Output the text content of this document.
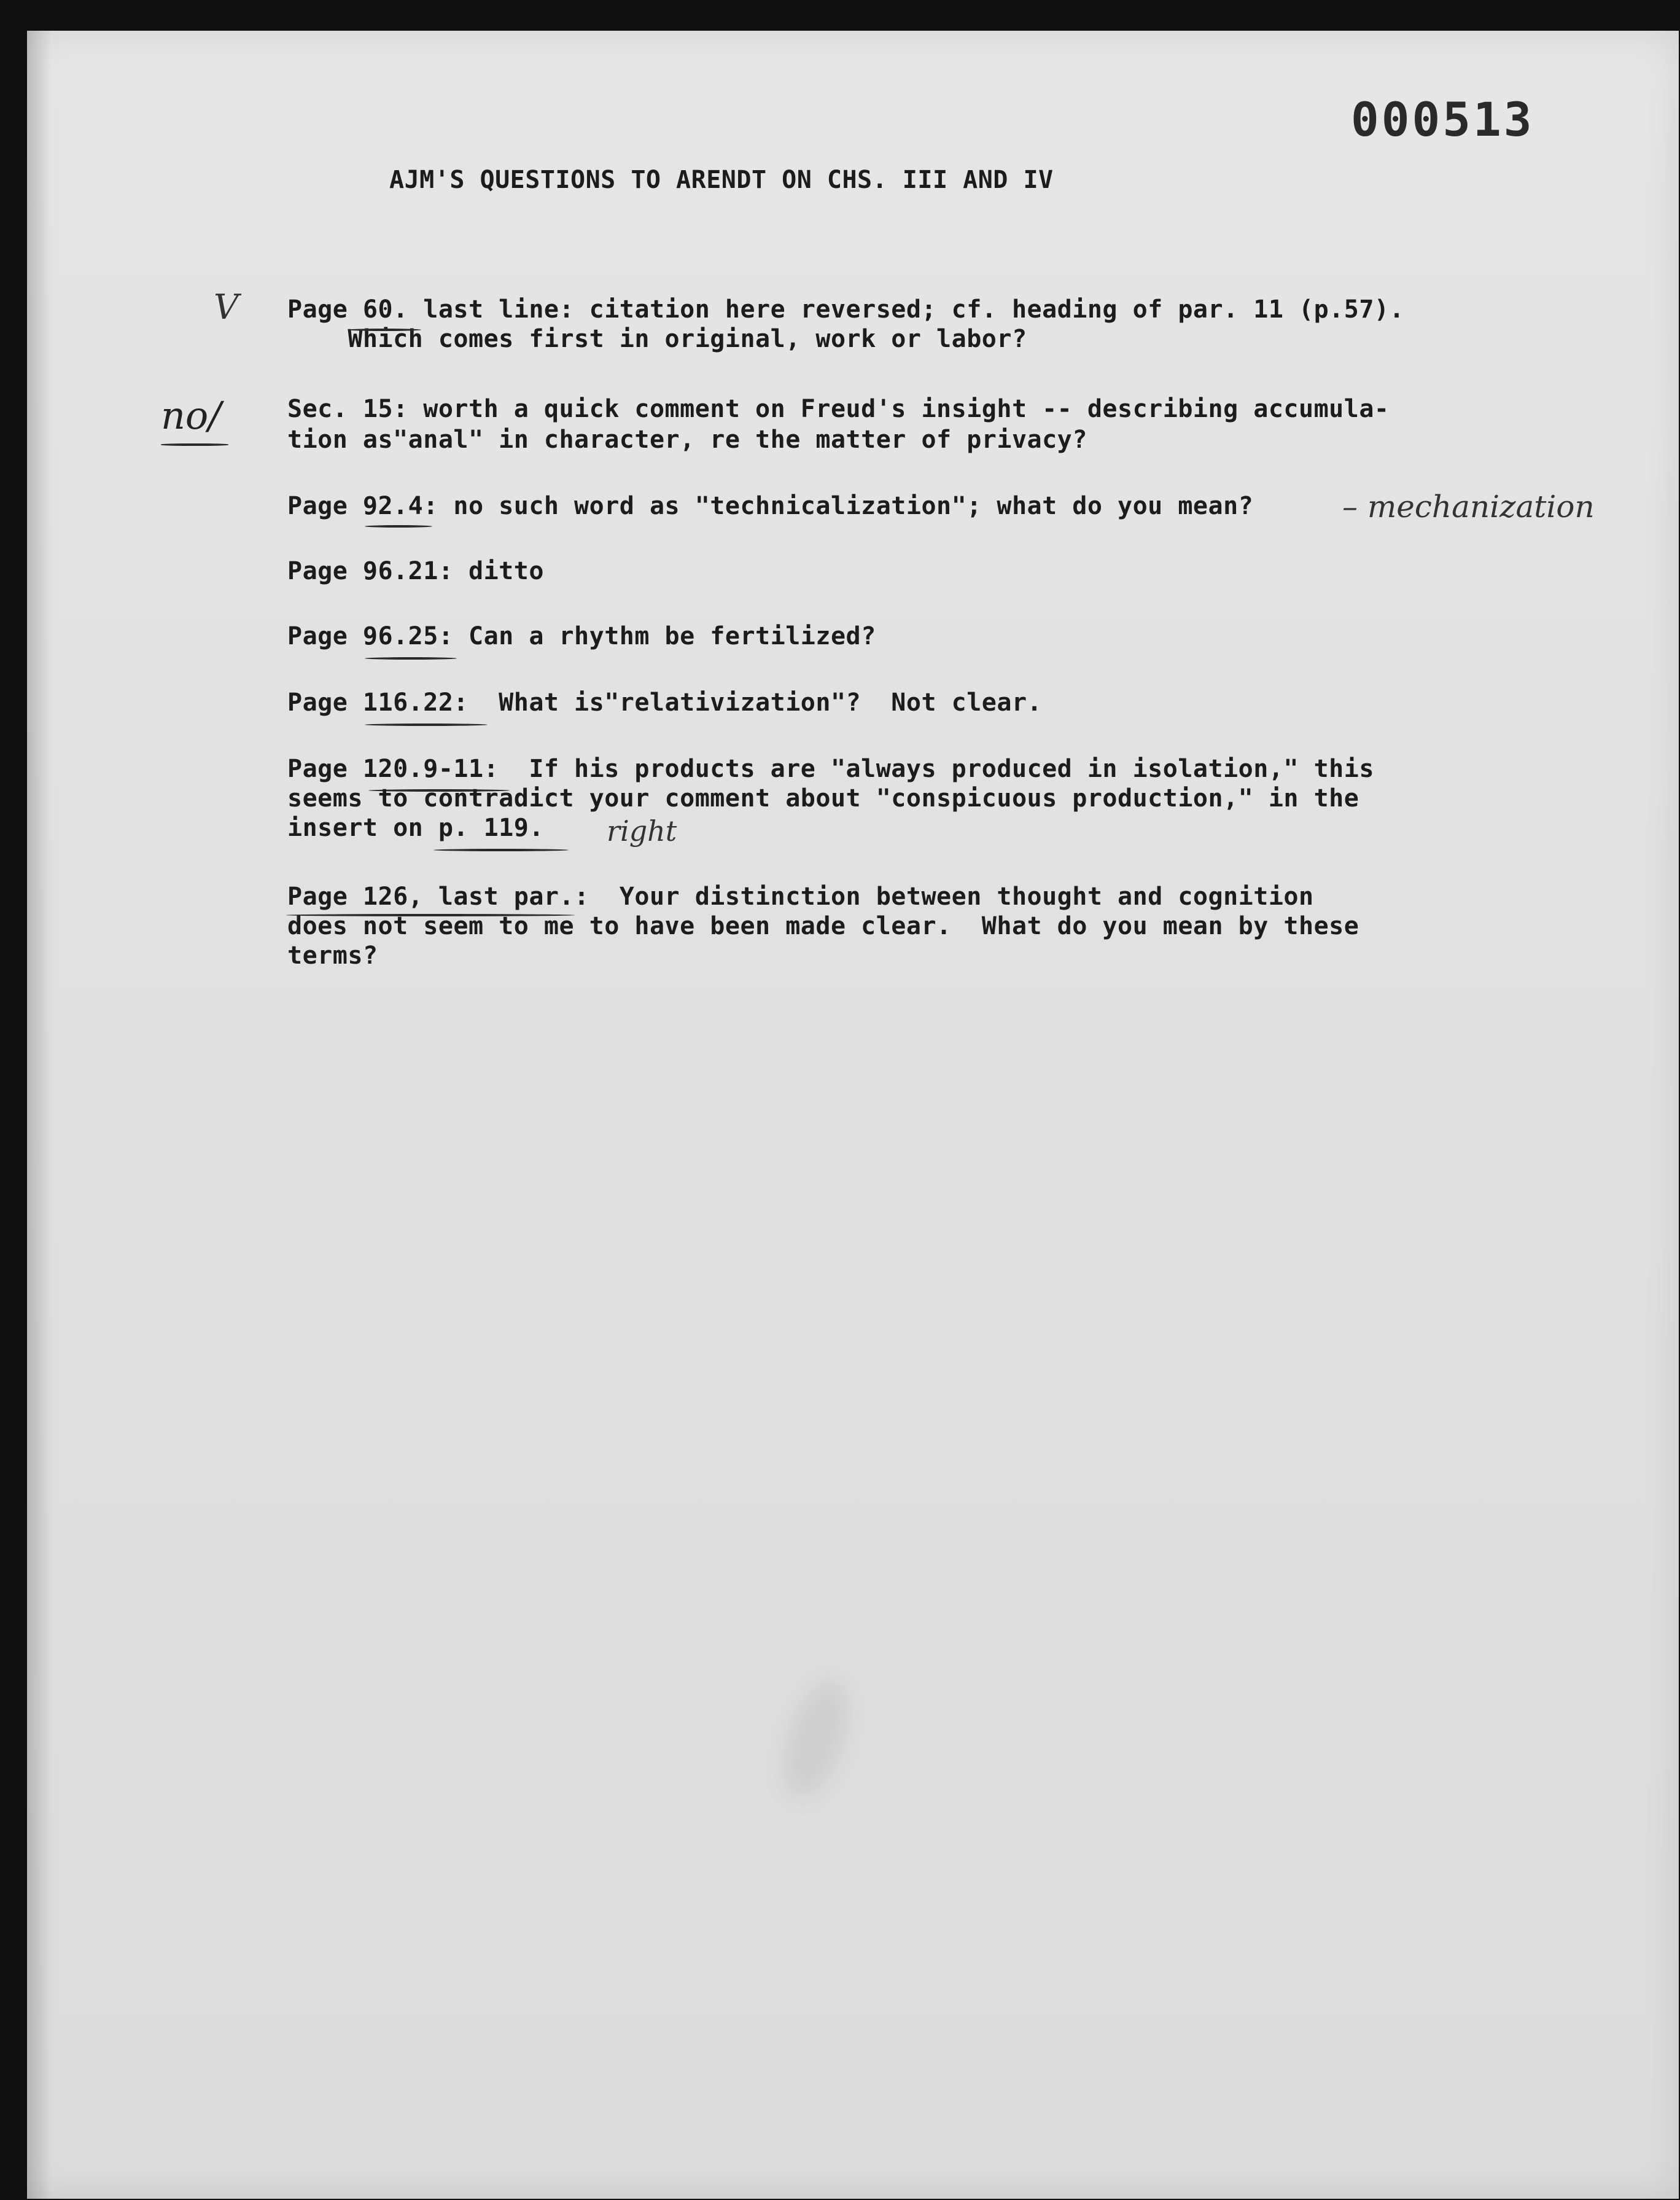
000513
AJM'S QUESTIONS TO ARENDT ON CHS. III AND IV
V Page 60. last line: citation here reversed; cf. heading of par. 11 (p.57).
Which comes first in original, work or labor?
no/	Sec. 15: worth a quick comment on Freud's insight -- describing accumula-
tion as"anal" in character, re the matter of privacy?
Page 92.4: no such word as "technicalization"; what do you mean?	– mechanization
Page 96.21: ditto
Page 96.25: Can a rhythm be fertilized?
Page 116.22:  What is"relativization"?  Not clear.
Page 120.9-11:  If his products are "always produced in isolation," this
seems to contradict your comment about "conspicuous production," in the
insert on p. 119. right
Page 126, last par.:  Your distinction between thought and cognition
does not seem to me to have been made clear.  What do you mean by these
terms?
